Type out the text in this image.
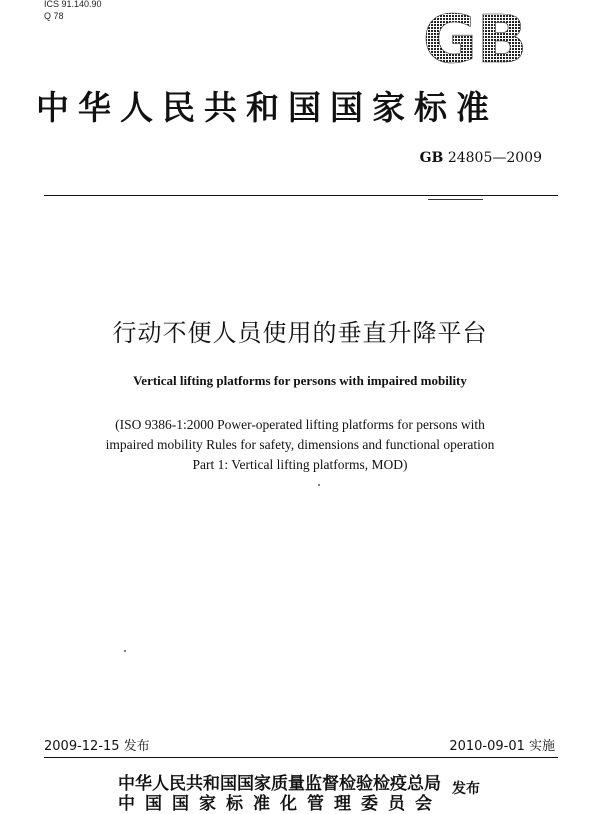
ICS 91.140.90
Q 78	GB
中华人民共和国国家标准
GB 24805—2009
行动不便人员使用的垂直升降平台
Vertical lifting platforms for persons with impaired mobility
(ISO 9386-1:2000 Power-operated lifting platforms for persons with
impaired mobility Rules for safety, dimensions and functional operation
Part 1: Vertical lifting platforms, MOD)
2009-12-15 发布	2010-09-01 实施
中华人民共和国国家质量监督检验检疫总局
中国国家标准化管理委员会
发布
